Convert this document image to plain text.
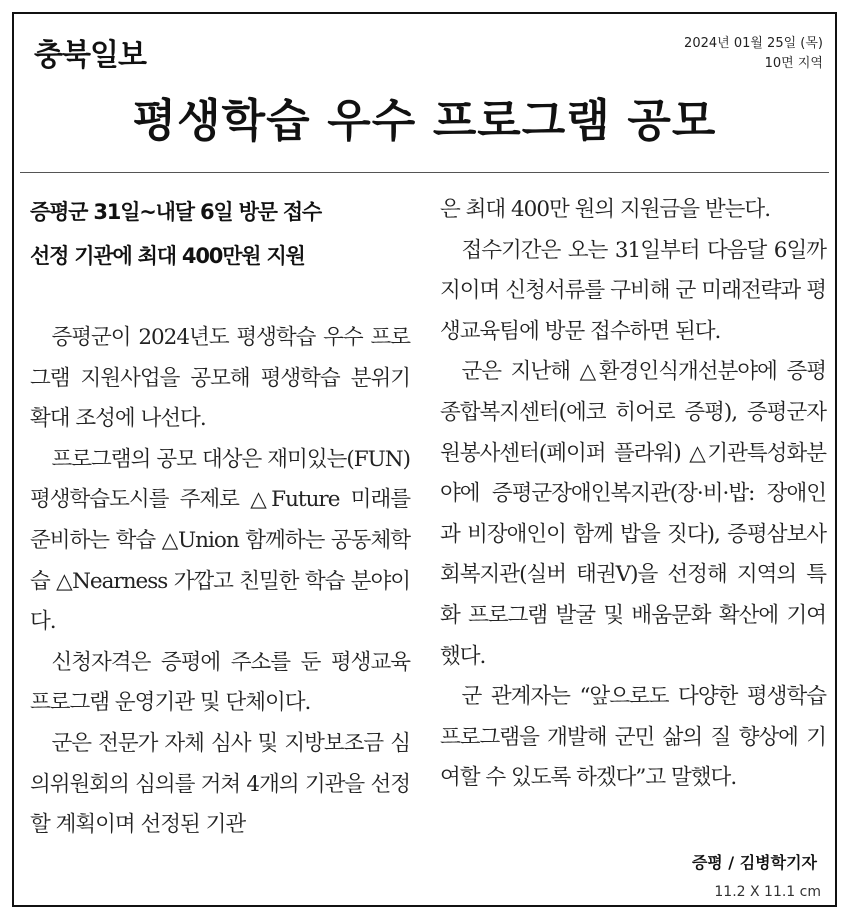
충북일보	2024년 01월 25일 (목)
10면 지역
평생학습 우수 프로그램 공모
증평군 31일~내달 6일 방문 접수
선정 기관에 최대 400만원 지원

증평군이 2024년도 평생학습 우수 프로그램 지원사업을 공모해 평생학습 분위기 확대 조성에 나선다.

프로그램의 공모 대상은 재미있는(FUN) 평생학습도시를 주제로 △Future 미래를 준비하는 학습 △Union 함께하는 공동체학습 △Nearness 가깝고 친밀한 학습 분야이다.

신청자격은 증평에 주소를 둔 평생교육 프로그램 운영기관 및 단체이다.

군은 전문가 자체 심사 및 지방보조금 심의위원회의 심의를 거쳐 4개의 기관을 선정할 계획이며 선정된 기관

은 최대 400만 원의 지원금을 받는다.

접수기간은 오는 31일부터 다음달 6일까지이며 신청서류를 구비해 군 미래전략과 평생교육팀에 방문 접수하면 된다.

군은 지난해 △환경인식개선분야에 증평종합복지센터(에코 히어로 증평), 증평군자원봉사센터(페이퍼 플라워) △기관특성화분야에 증평군장애인복지관(장·비·밥: 장애인과 비장애인이 함께 밥을 짓다), 증평삼보사회복지관(실버 태권V)을 선정해 지역의 특화 프로그램 발굴 및 배움문화 확산에 기여했다.

군 관계자는 “앞으로도 다양한 평생학습 프로그램을 개발해 군민 삶의 질 향상에 기여할 수 있도록 하겠다”고 말했다.

증평 / 김병학기자
11.2 X 11.1 cm
